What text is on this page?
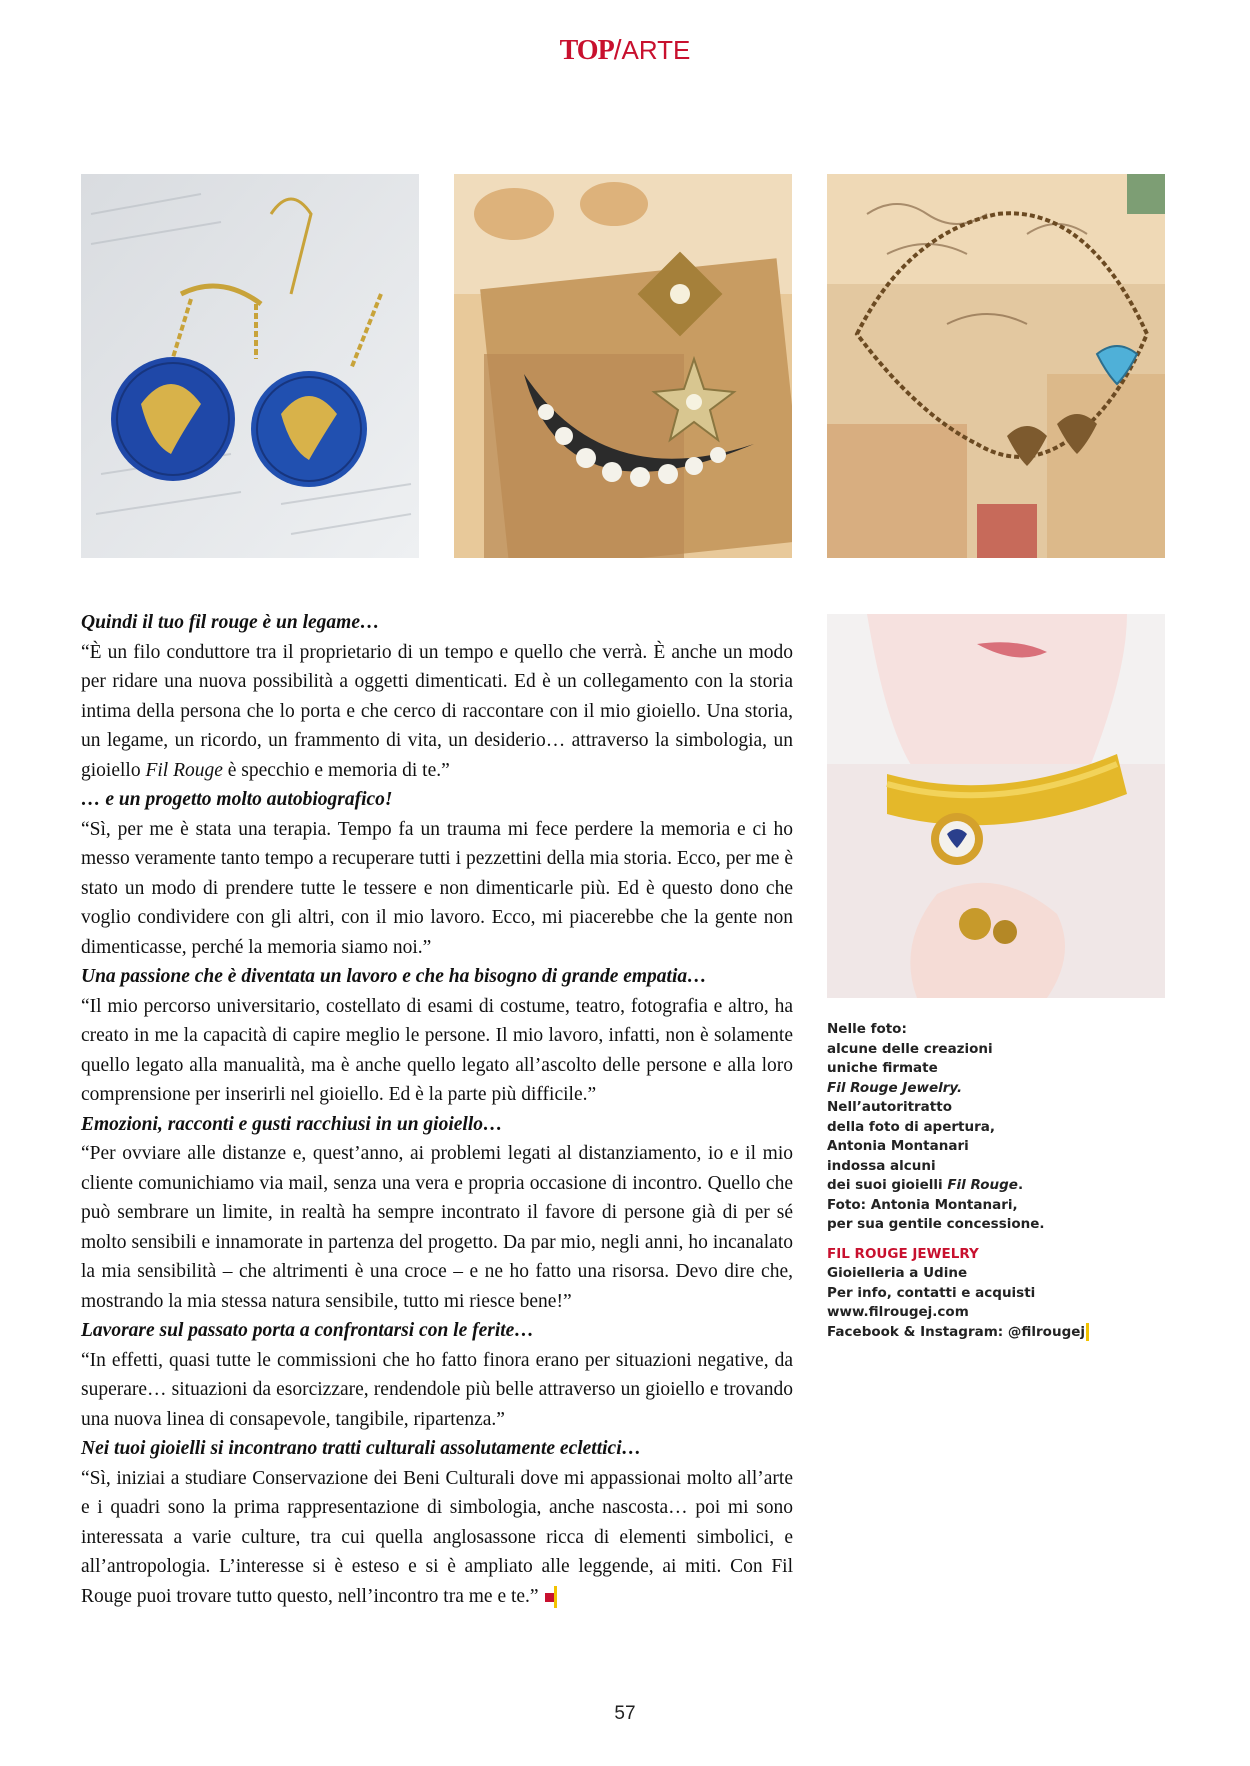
TOP/ARTE

Quindi il tuo fil rouge è un legame…

“È un filo conduttore tra il proprietario di un tempo e quello che verrà. È anche un modo per ridare una nuova possibilità a oggetti dimenticati. Ed è un collegamento con la storia intima della persona che lo porta e che cerco di raccontare con il mio gioiello. Una storia, un legame, un ricordo, un frammento di vita, un desiderio… attraverso la simbologia, un gioiello Fil Rouge è specchio e memoria di te.”

… e un progetto molto autobiografico!

“Sì, per me è stata una terapia. Tempo fa un trauma mi fece perdere la memoria e ci ho messo veramente tanto tempo a recuperare tutti i pezzettini della mia storia. Ecco, per me è stato un modo di prendere tutte le tessere e non dimenticarle più. Ed è questo dono che voglio condividere con gli altri, con il mio lavoro. Ecco, mi piacerebbe che la gente non dimenticasse, perché la memoria siamo noi.”

Una passione che è diventata un lavoro e che ha bisogno di grande empatia…

“Il mio percorso universitario, costellato di esami di costume, teatro, fotografia e altro, ha creato in me la capacità di capire meglio le persone. Il mio lavoro, infatti, non è solamente quello legato alla manualità, ma è anche quello legato all’ascolto delle persone e alla loro comprensione per inserirli nel gioiello. Ed è la parte più difficile.”

Emozioni, racconti e gusti racchiusi in un gioiello…

“Per ovviare alle distanze e, quest’anno, ai problemi legati al distanziamento, io e il mio cliente comunichiamo via mail, senza una vera e propria occasione di incontro. Quello che può sembrare un limite, in realtà ha sempre incontrato il favore di persone già di per sé molto sensibili e innamorate in partenza del progetto. Da par mio, negli anni, ho incanalato la mia sensibilità – che altrimenti è una croce – e ne ho fatto una risorsa. Devo dire che, mostrando la mia stessa natura sensibile, tutto mi riesce bene!”

Lavorare sul passato porta a confrontarsi con le ferite…

“In effetti, quasi tutte le commissioni che ho fatto finora erano per situazioni negative, da superare… situazioni da esorcizzare, rendendole più belle attraverso un gioiello e trovando una nuova linea di consapevole, tangibile, ripartenza.”

Nei tuoi gioielli si incontrano tratti culturali assolutamente eclettici…

“Sì, iniziai a studiare Conservazione dei Beni Culturali dove mi appassionai molto all’arte e i quadri sono la prima rappresentazione di simbologia, anche nascosta… poi mi sono interessata a varie culture, tra cui quella anglosassone ricca di elementi simbolici, e all’antropologia. L’interesse si è esteso e si è ampliato alle leggende, ai miti. Con Fil Rouge puoi trovare tutto questo, nell’incontro tra me e te.”

Nelle foto:

alcune delle creazioni

uniche firmate

Fil Rouge Jewelry.

Nell’autoritratto

della foto di apertura,

Antonia Montanari

indossa alcuni

dei suoi gioielli Fil Rouge.

Foto: Antonia Montanari,

per sua gentile concessione.

FIL ROUGE JEWELRY

Gioielleria a Udine

Per info, contatti e acquisti

www.filrougej.com

Facebook & Instagram: @filrougej

57
